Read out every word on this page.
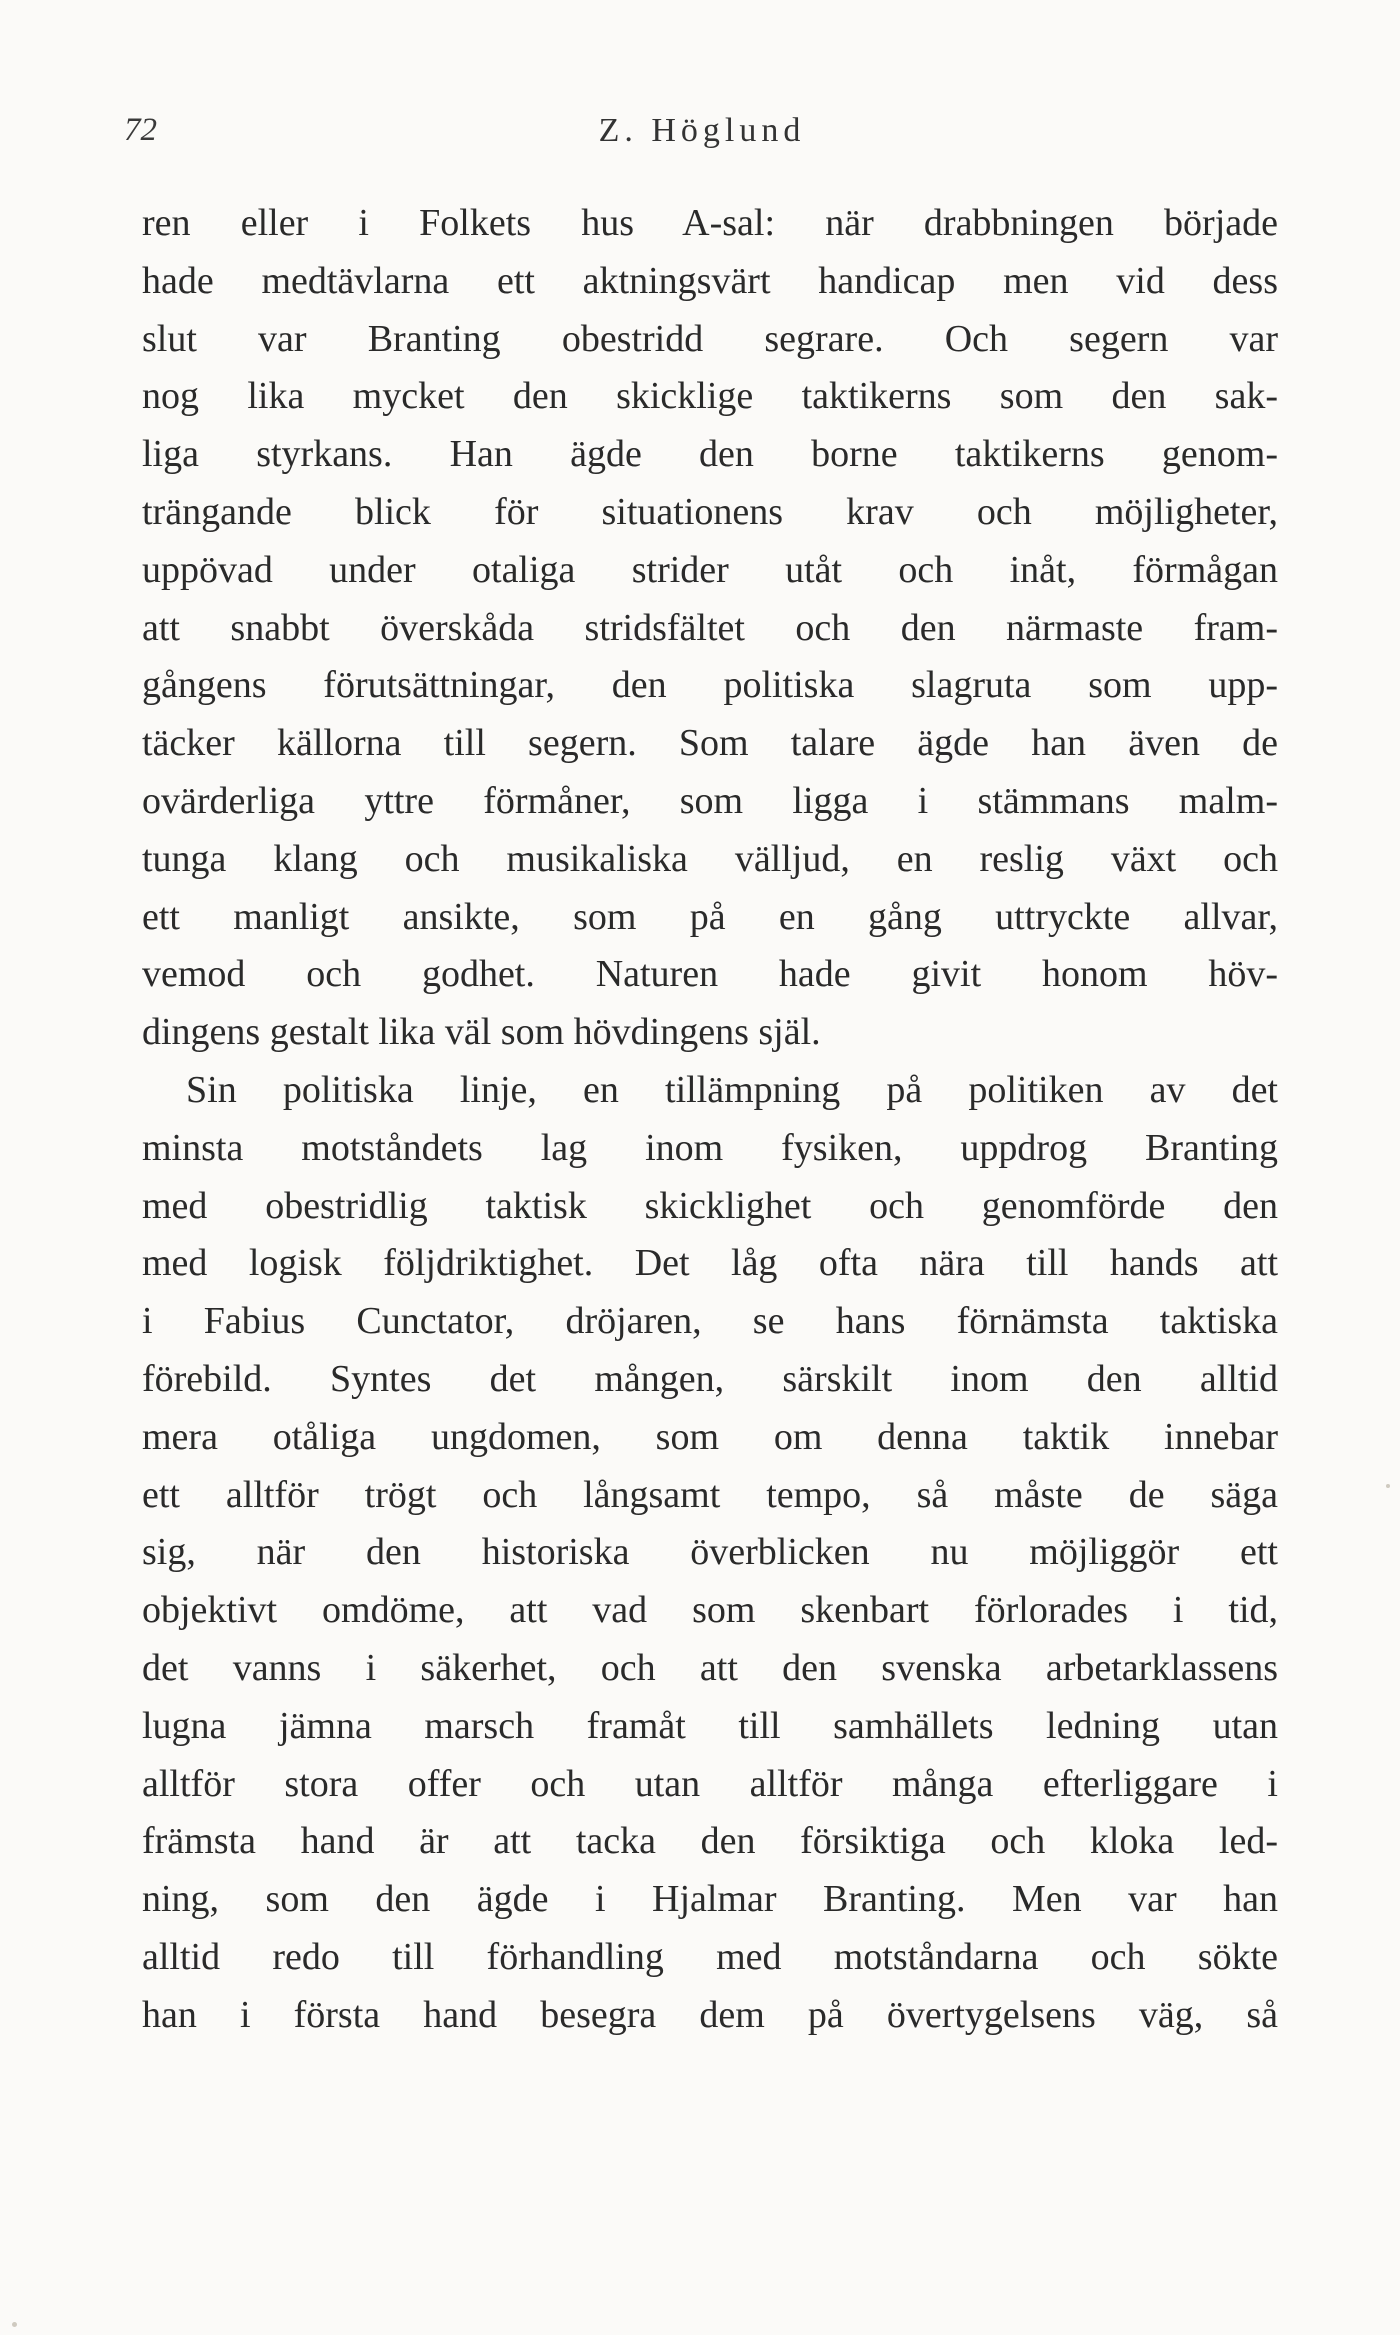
72	Z. Höglund
ren eller i Folkets hus A-sal: när drabbningen började
hade medtävlarna ett aktningsvärt handicap men vid dess
slut var Branting obestridd segrare. Och segern var
nog lika mycket den skicklige taktikerns som den sak-
liga styrkans. Han ägde den borne taktikerns genom-
trängande blick för situationens krav och möjligheter,
uppövad under otaliga strider utåt och inåt, förmågan
att snabbt överskåda stridsfältet och den närmaste fram-
gångens förutsättningar, den politiska slagruta som upp-
täcker källorna till segern. Som talare ägde han även de
ovärderliga yttre förmåner, som ligga i stämmans malm-
tunga klang och musikaliska välljud, en reslig växt och
ett manligt ansikte, som på en gång uttryckte allvar,
vemod och godhet. Naturen hade givit honom höv-
dingens gestalt lika väl som hövdingens själ.
Sin politiska linje, en tillämpning på politiken av det
minsta motståndets lag inom fysiken, uppdrog Branting
med obestridlig taktisk skicklighet och genomförde den
med logisk följdriktighet. Det låg ofta nära till hands att
i Fabius Cunctator, dröjaren, se hans förnämsta taktiska
förebild. Syntes det mången, särskilt inom den alltid
mera otåliga ungdomen, som om denna taktik innebar
ett alltför trögt och långsamt tempo, så måste de säga
sig, när den historiska överblicken nu möjliggör ett
objektivt omdöme, att vad som skenbart förlorades i tid,
det vanns i säkerhet, och att den svenska arbetarklassens
lugna jämna marsch framåt till samhällets ledning utan
alltför stora offer och utan alltför många efterliggare i
främsta hand är att tacka den försiktiga och kloka led-
ning, som den ägde i Hjalmar Branting. Men var han
alltid redo till förhandling med motståndarna och sökte
han i första hand besegra dem på övertygelsens väg, så
